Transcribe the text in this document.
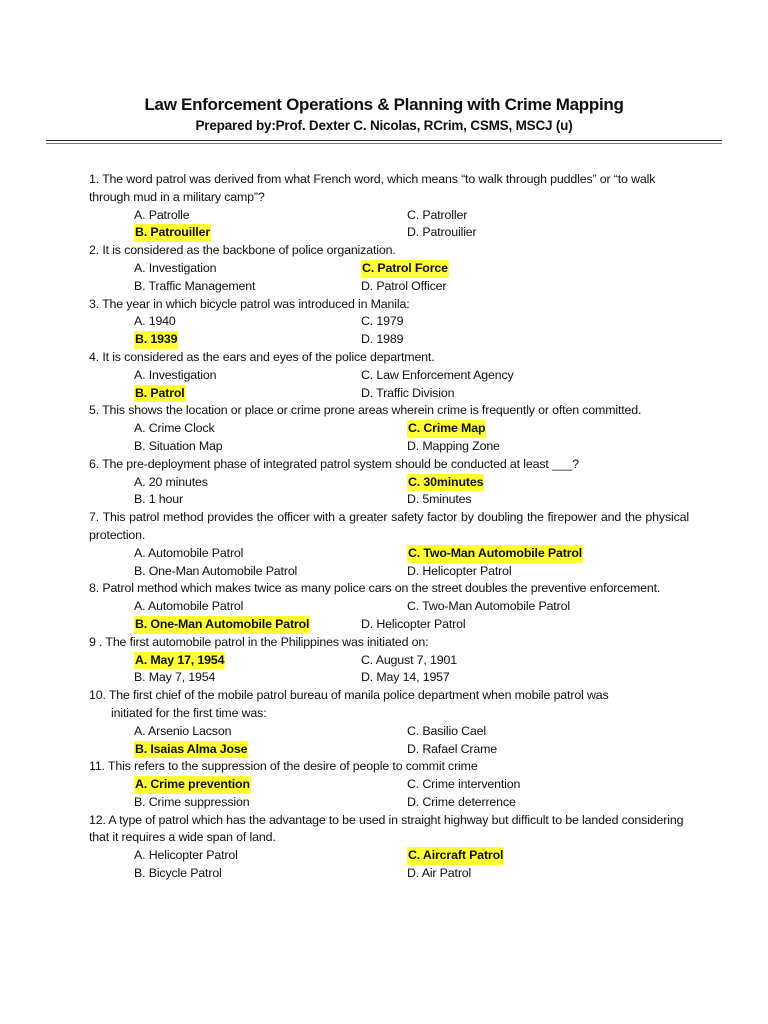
Law Enforcement Operations & Planning with Crime Mapping
Prepared by:Prof. Dexter C. Nicolas, RCrim, CSMS, MSCJ (u)
1. The word patrol was derived from what French word, which means “to walk through puddles” or “to walk through mud in a military camp”?
A. Patrolle	C. Patroller
B. Patrouiller	D. Patrouilier
2. It is considered as the backbone of police organization.
A. Investigation	C. Patrol Force
B. Traffic Management	D. Patrol Officer
3. The year in which bicycle patrol was introduced in Manila:
A. 1940	C. 1979
B. 1939	D. 1989
4. It is considered as the ears and eyes of the police department.
A. Investigation	C. Law Enforcement Agency
B. Patrol	D. Traffic Division
5. This shows the location or place or crime prone areas wherein crime is frequently or often committed.
A. Crime Clock	C. Crime Map
B. Situation Map	D. Mapping Zone
6. The pre-deployment phase of integrated patrol system should be conducted at least ___?
A. 20 minutes	C. 30minutes
B. 1 hour	D. 5minutes
7. This patrol method provides the officer with a greater safety factor by doubling the firepower and the physical protection.
A. Automobile Patrol	C. Two-Man Automobile Patrol
B. One-Man Automobile Patrol	D. Helicopter Patrol
8. Patrol method which makes twice as many police cars on the street doubles the preventive enforcement.
A. Automobile Patrol	C. Two-Man Automobile Patrol
B. One-Man Automobile Patrol	D. Helicopter Patrol
9 . The first automobile patrol in the Philippines was initiated on:
A. May 17, 1954	C. August 7, 1901
B. May 7, 1954	D. May 14, 1957
10. The first chief of the mobile patrol bureau of manila police department when mobile patrol was
initiated for the first time was:
A. Arsenio Lacson	C. Basilio Cael
B. Isaias Alma Jose	D. Rafael Crame
11. This refers to the suppression of the desire of people to commit crime
A. Crime prevention	C. Crime intervention
B. Crime suppression	D. Crime deterrence
12. A type of patrol which has the advantage to be used in straight highway but difficult to be landed considering that it requires a wide span of land.
A. Helicopter Patrol	C. Aircraft Patrol
B. Bicycle Patrol	D. Air Patrol
